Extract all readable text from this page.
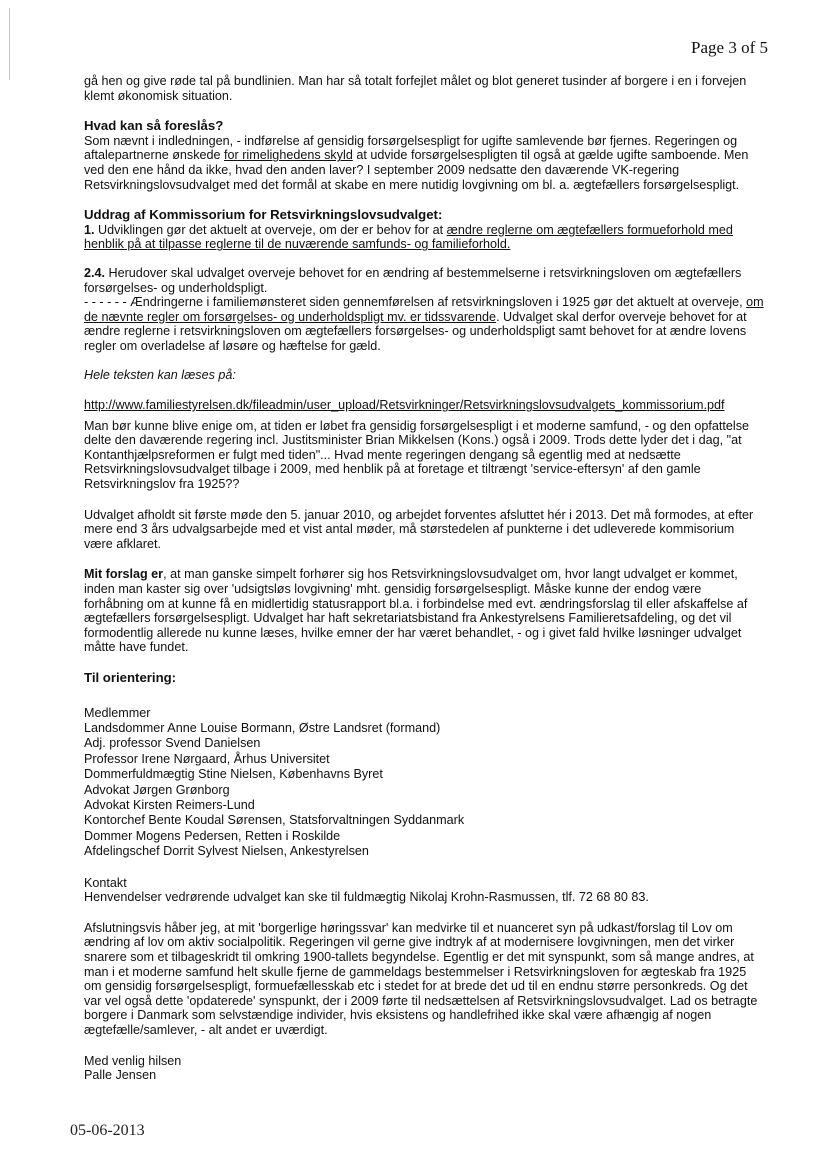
Page 3 of 5

gå hen og give røde tal på bundlinien. Man har så totalt forfejlet målet og blot generet tusinder af borgere i en i forvejen klemt økonomisk situation.

Hvad kan så foreslås?

Som nævnt i indledningen, - indførelse af gensidig forsørgelsespligt for ugifte samlevende bør fjernes. Regeringen og aftalepartnerne ønskede for rimelighedens skyld at udvide forsørgelsespligten til også at gælde ugifte samboende. Men ved den ene hånd da ikke, hvad den anden laver? I september 2009 nedsatte den daværende VK-regering Retsvirkningslovsudvalget med det formål at skabe en mere nutidig lovgivning om bl. a. ægtefællers forsørgelsespligt.

Uddrag af Kommissorium for Retsvirkningslovsudvalget:

1. Udviklingen gør det aktuelt at overveje, om der er behov for at ændre reglerne om ægtefællers formueforhold med henblik på at tilpasse reglerne til de nuværende samfunds- og familieforhold.

2.4. Herudover skal udvalget overveje behovet for en ændring af bestemmelserne i retsvirkningsloven om ægtefællers forsørgelses- og underholdspligt.

- - - - - - Ændringerne i familiemønsteret siden gennemførelsen af retsvirkningsloven i 1925 gør det aktuelt at overveje, om de nævnte regler om forsørgelses- og underholdspligt mv. er tidssvarende. Udvalget skal derfor overveje behovet for at ændre reglerne i retsvirkningsloven om ægtefællers forsørgelses- og underholdspligt samt behovet for at ændre lovens regler om overladelse af løsøre og hæftelse for gæld.

Hele teksten kan læses på:

http://www.familiestyrelsen.dk/fileadmin/user_upload/Retsvirkninger/Retsvirkningslovsudvalgets_kommissorium.pdf

Man bør kunne blive enige om, at tiden er løbet fra gensidig forsørgelsespligt i et moderne samfund, - og den opfattelse delte den daværende regering incl. Justitsminister Brian Mikkelsen (Kons.) også i 2009. Trods dette lyder det i dag, "at Kontanthjælpsreformen er fulgt med tiden"... Hvad mente regeringen dengang så egentlig med at nedsætte Retsvirkningslovsudvalget tilbage i 2009, med henblik på at foretage et tiltrængt 'service-eftersyn' af den gamle Retsvirkningslov fra 1925??

Udvalget afholdt sit første møde den 5. januar 2010, og arbejdet forventes afsluttet hér i 2013. Det må formodes, at efter mere end 3 års udvalgsarbejde med et vist antal møder, må størstedelen af punkterne i det udleverede kommisorium være afklaret.

Mit forslag er, at man ganske simpelt forhører sig hos Retsvirkningslovsudvalget om, hvor langt udvalget er kommet, inden man kaster sig over 'udsigtsløs lovgivning' mht. gensidig forsørgelsespligt. Måske kunne der endog være forhåbning om at kunne få en midlertidig statusrapport bl.a. i forbindelse med evt. ændringsforslag til eller afskaffelse af ægtefællers forsørgelsespligt. Udvalget har haft sekretariatsbistand fra Ankestyrelsens Familieretsafdeling, og det vil formodentlig allerede nu kunne læses, hvilke emner der har været behandlet, - og i givet fald hvilke løsninger udvalget måtte have fundet.

Til orientering:

Medlemmer

Landsdommer Anne Louise Bormann, Østre Landsret (formand)

Adj. professor Svend Danielsen

Professor Irene Nørgaard, Århus Universitet

Dommerfuldmægtig Stine Nielsen, Københavns Byret

Advokat Jørgen Grønborg

Advokat Kirsten Reimers-Lund

Kontorchef Bente Koudal Sørensen, Statsforvaltningen Syddanmark

Dommer Mogens Pedersen, Retten i Roskilde

Afdelingschef Dorrit Sylvest Nielsen, Ankestyrelsen

Kontakt

Henvendelser vedrørende udvalget kan ske til fuldmægtig Nikolaj Krohn-Rasmussen, tlf. 72 68 80 83.

Afslutningsvis håber jeg, at mit 'borgerlige høringssvar' kan medvirke til et nuanceret syn på udkast/forslag til Lov om ændring af lov om aktiv socialpolitik. Regeringen vil gerne give indtryk af at modernisere lovgivningen, men det virker snarere som et tilbageskridt til omkring 1900-tallets begyndelse. Egentlig er det mit synspunkt, som så mange andres, at man i et moderne samfund helt skulle fjerne de gammeldags bestemmelser i Retsvirkningsloven for ægteskab fra 1925 om gensidig forsørgelsespligt, formuefællesskab etc i stedet for at brede det ud til en endnu større personkreds. Og det var vel også dette 'opdaterede' synspunkt, der i 2009 førte til nedsættelsen af Retsvirkningslovsudvalget. Lad os betragte borgere i Danmark som selvstændige individer, hvis eksistens og handlefrihed ikke skal være afhængig af nogen ægtefælle/samlever, - alt andet er uværdigt.

Med venlig hilsen

Palle Jensen

05-06-2013
